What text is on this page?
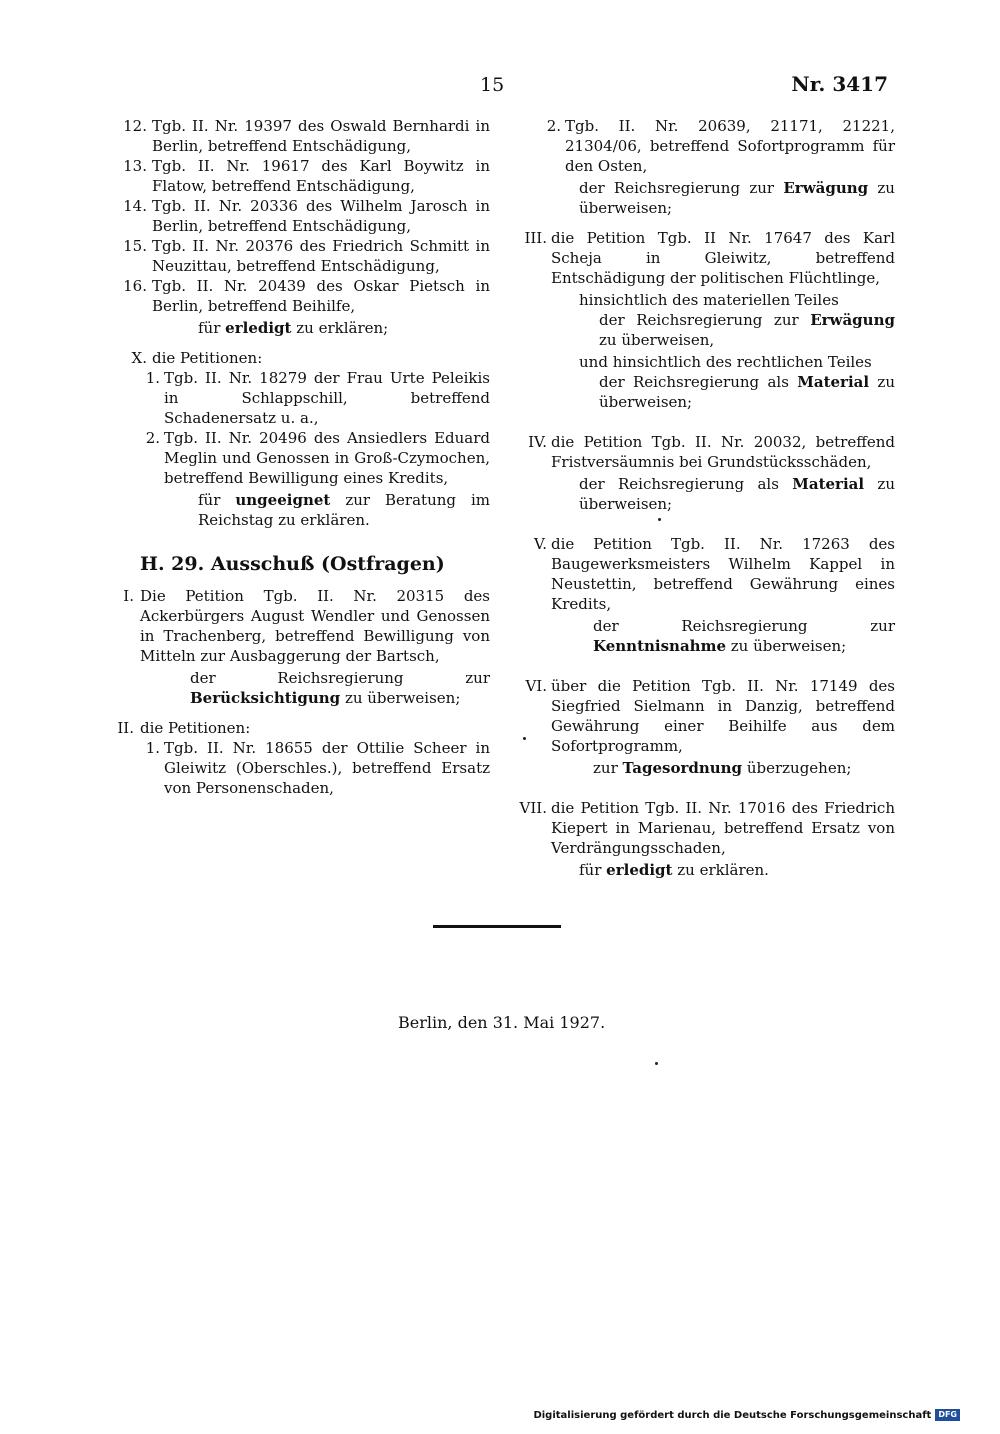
15	Nr. 3417
12. Tgb. II. Nr. 19397 des Oswald Bernhardi in Berlin, betreffend Entschädigung,
13. Tgb. II. Nr. 19617 des Karl Boywitz in Flatow, betreffend Entschädigung,
14. Tgb. II. Nr. 20336 des Wilhelm Jarosch in Berlin, betreffend Entschädigung,
15. Tgb. II. Nr. 20376 des Friedrich Schmitt in Neuzittau, betreffend Entschädigung,
16. Tgb. II. Nr. 20439 des Oskar Pietsch in Berlin, betreffend Beihilfe,

für erledigt zu erklären;

X. die Petitionen:
1. Tgb. II. Nr. 18279 der Frau Urte Peleikis in Schlappschill, betreffend Schadenersatz u. a.,
2. Tgb. II. Nr. 20496 des Ansiedlers Eduard Meglin und Genossen in Groß-Czymochen, betreffend Bewilligung eines Kredits,

für ungeeignet zur Beratung im Reichstag zu erklären.

H. 29. Ausschuß (Ostfragen)
I. Die Petition Tgb. II. Nr. 20315 des Ackerbürgers August Wendler und Genossen in Trachenberg, betreffend Bewilligung von Mitteln zur Ausbaggerung der Bartsch,

der Reichsregierung zur Berücksichtigung zu überweisen;

II. die Petitionen:
1. Tgb. II. Nr. 18655 der Ottilie Scheer in Gleiwitz (Oberschles.), betreffend Ersatz von Personenschaden,
2. Tgb. II. Nr. 20639, 21171, 21221, 21304/06, betreffend Sofortprogramm für den Osten,

der Reichsregierung zur Erwägung zu überweisen;

III. die Petition Tgb. II Nr. 17647 des Karl Scheja in Gleiwitz, betreffend Entschädigung der politischen Flüchtlinge,

hinsichtlich des materiellen Teiles

der Reichsregierung zur Erwägung zu überweisen,

und hinsichtlich des rechtlichen Teiles

der Reichsregierung als Material zu überweisen;

IV. die Petition Tgb. II. Nr. 20032, betreffend Fristversäumnis bei Grundstücksschäden,

der Reichsregierung als Material zu überweisen;

V. die Petition Tgb. II. Nr. 17263 des Baugewerksmeisters Wilhelm Kappel in Neustettin, betreffend Gewährung eines Kredits,

der Reichsregierung zur Kenntnisnahme zu überweisen;

VI. über die Petition Tgb. II. Nr. 17149 des Siegfried Sielmann in Danzig, betreffend Gewährung einer Beihilfe aus dem Sofortprogramm,

zur Tagesordnung überzugehen;

VII. die Petition Tgb. II. Nr. 17016 des Friedrich Kiepert in Marienau, betreffend Ersatz von Verdrängungsschaden,

für erledigt zu erklären.

Berlin, den 31. Mai 1927.
Digitalisierung gefördert durch die Deutsche Forschungsgemeinschaft DFG
